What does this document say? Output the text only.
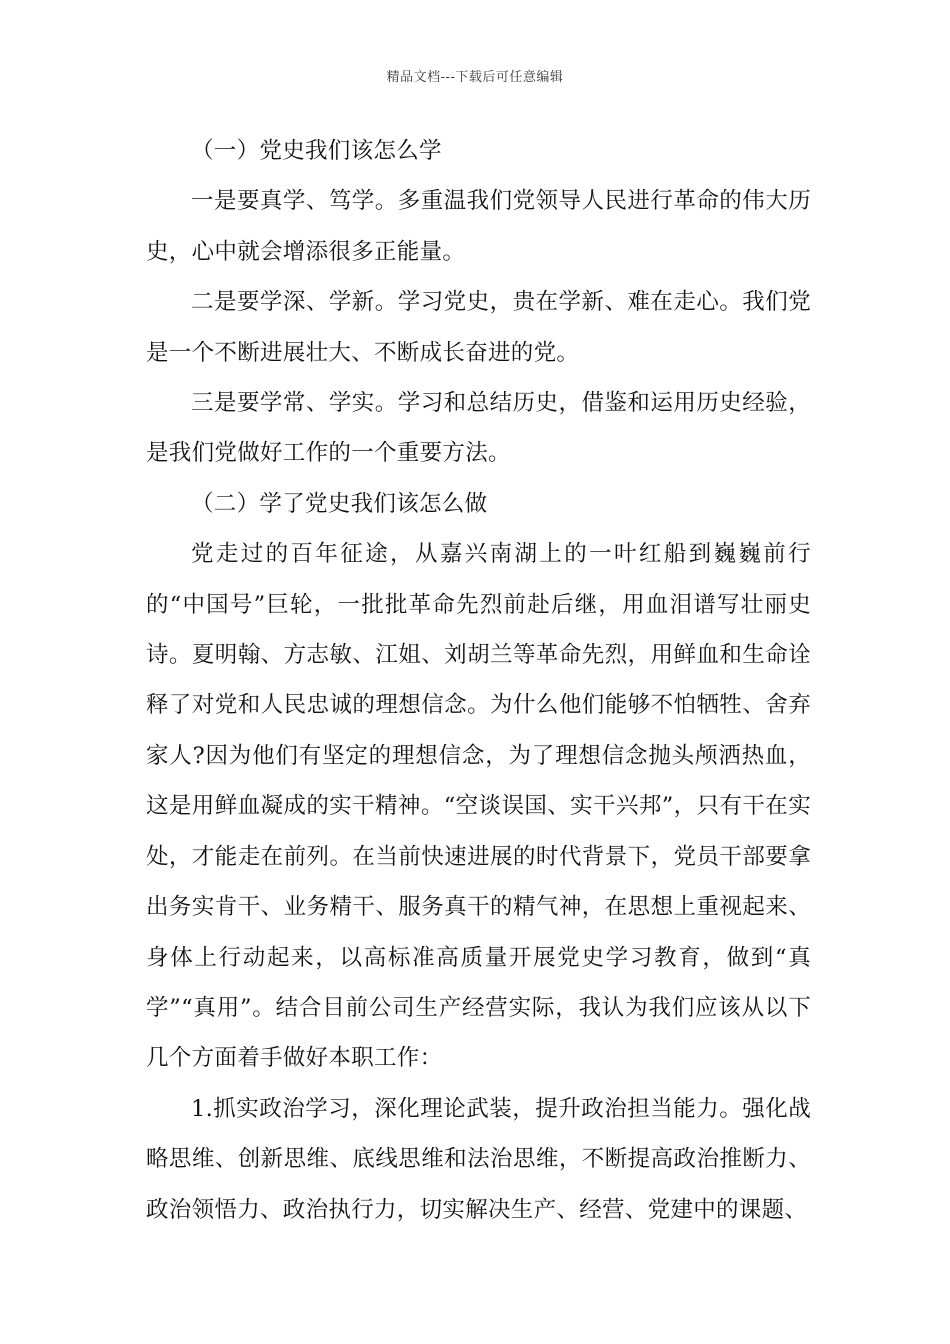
精品文档---下载后可任意编辑

（一）党史我们该怎么学

一是要真学、笃学。多重温我们党领导人民进行革命的伟大历史，心中就会增添很多正能量。

二是要学深、学新。学习党史，贵在学新、难在走心。我们党是一个不断进展壮大、不断成长奋进的党。

三是要学常、学实。学习和总结历史，借鉴和运用历史经验，是我们党做好工作的一个重要方法。

（二）学了党史我们该怎么做

党走过的百年征途，从嘉兴南湖上的一叶红船到巍巍前行的“中国号”巨轮，一批批革命先烈前赴后继，用血泪谱写壮丽史诗。夏明翰、方志敏、江姐、刘胡兰等革命先烈，用鲜血和生命诠释了对党和人民忠诚的理想信念。为什么他们能够不怕牺牲、舍弃家人?因为他们有坚定的理想信念，为了理想信念抛头颅洒热血，这是用鲜血凝成的实干精神。“空谈误国、实干兴邦”，只有干在实处，才能走在前列。在当前快速进展的时代背景下，党员干部要拿出务实肯干、业务精干、服务真干的精气神，在思想上重视起来、身体上行动起来，以高标准高质量开展党史学习教育，做到“真学”“真用”。结合目前公司生产经营实际，我认为我们应该从以下几个方面着手做好本职工作：

1.抓实政治学习，深化理论武装，提升政治担当能力。强化战略思维、创新思维、底线思维和法治思维，不断提高政治推断力、政治领悟力、政治执行力，切实解决生产、经营、党建中的课题、
